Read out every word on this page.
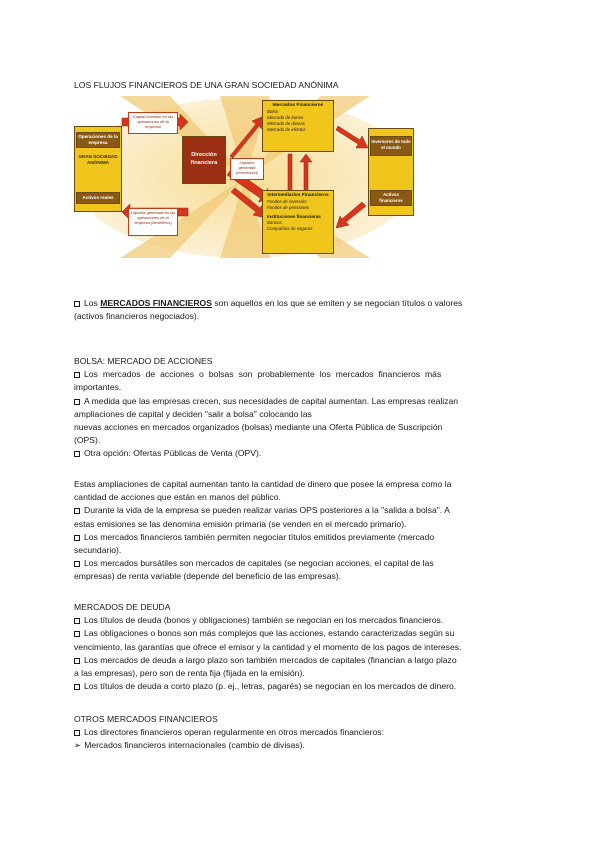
LOS FLUJOS FINANCIEROS DE UNA GRAN SOCIEDAD ANÓNIMA
Operaciones de la empresa
GRAN SOCIEDAD ANÓNIMA
Activos reales
Capital invertido en las operaciones de la empresa
Liquidez generada en las operaciones de la empresa (beneficios)
Dirección financiera	Liquidez generada (reinversión)
Mercados Financieros
Bolsa
Mercado de bonos
Mercado de divisas
Mercado de efectos
Intermediarios Financieros
Fondos de inversión
Fondos de pensiones
Instituciones financieras
Bancos
Compañías de seguros
Inversores de todo el mundo
Activos financieros
Los MERCADOS FINANCIEROS son aquellos en los que se emiten y se negocian títulos o valores
(activos financieros negociados).
BOLSA: MERCADO DE ACCIONES
Los mercados de acciones o bolsas son probablemente los mercados financieros más
importantes.
A medida que las empresas crecen, sus necesidades de capital aumentan. Las empresas realizan
ampliaciones de capital y deciden "salir a bolsa" colocando las
nuevas acciones en mercados organizados (bolsas) mediante una Oferta Pública de Suscripción
(OPS).
Otra opción: Ofertas Públicas de Venta (OPV).
Estas ampliaciones de capital aumentan tanto la cantidad de dinero que posee la empresa como la
cantidad de acciones que están en manos del público.
Durante la vida de la empresa se pueden realizar varias OPS posteriores a la "salida a bolsa". A
estas emisiones se las denomina emisión primaria (se venden en el mercado primario).
Los mercados financieros también permiten negociar títulos emitidos previamente (mercado
secundario).
Los mercados bursátiles son mercados de capitales (se negocian acciones, el capital de las
empresas) de renta variable (depende del beneficio de las empresas).
MERCADOS DE DEUDA
Los títulos de deuda (bonos y obligaciones) también se negocian en los mercados financieros.
Las obligaciones o bonos son más complejos que las acciones, estando caracterizadas según su
vencimiento, las garantías que ofrece el emisor y la cantidad y el momento de los pagos de intereses.
Los mercados de deuda a largo plazo son también mercados de capitales (financian a largo plazo
a las empresas), pero son de renta fija (fijada en la emisión).
Los títulos de deuda a corto plazo (p. ej., letras, pagarés) se negocian en los mercados de dinero.
OTROS MERCADOS FINANCIEROS
Los directores financieros operan regularmente en otros mercados financieros:
➢ Mercados financieros internacionales (cambio de divisas).
